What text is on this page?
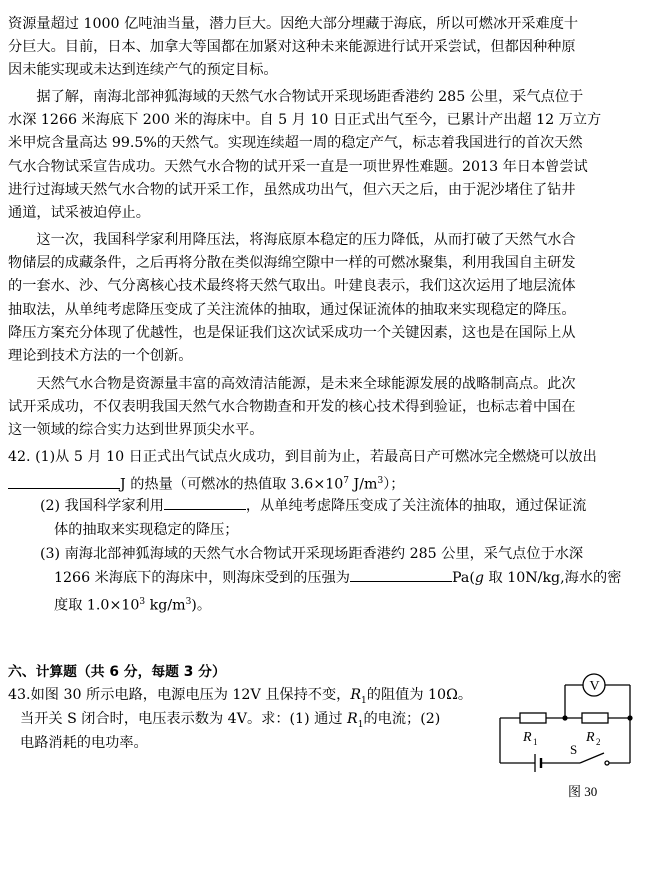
资源量超过 1000 亿吨油当量，潜力巨大。因绝大部分埋藏于海底，所以可燃冰开采难度十
分巨大。目前，日本、加拿大等国都在加紧对这种未来能源进行试开采尝试，但都因种种原
因未能实现或未达到连续产气的预定目标。
　　据了解，南海北部神狐海域的天然气水合物试开采现场距香港约 285 公里，采气点位于
水深 1266 米海底下 200 米的海床中。自 5 月 10 日正式出气至今，已累计产出超 12 万立方
米甲烷含量高达 99.5%的天然气。实现连续超一周的稳定产气，标志着我国进行的首次天然
气水合物试采宣告成功。天然气水合物的试开采一直是一项世界性难题。2013 年日本曾尝试
进行过海域天然气水合物的试开采工作，虽然成功出气，但六天之后，由于泥沙堵住了钻井
通道，试采被迫停止。
　　这一次，我国科学家利用降压法，将海底原本稳定的压力降低，从而打破了天然气水合
物储层的成藏条件，之后再将分散在类似海绵空隙中一样的可燃冰聚集，利用我国自主研发
的一套水、沙、气分离核心技术最终将天然气取出。叶建良表示，我们这次运用了地层流体
抽取法，从单纯考虑降压变成了关注流体的抽取，通过保证流体的抽取来实现稳定的降压。
降压方案充分体现了优越性，也是保证我们这次试采成功一个关键因素，这也是在国际上从
理论到技术方法的一个创新。
　　天然气水合物是资源量丰富的高效清洁能源，是未来全球能源发展的战略制高点。此次
试开采成功，不仅表明我国天然气水合物勘查和开发的核心技术得到验证，也标志着中国在
这一领域的综合实力达到世界顶尖水平。
42. (1)从 5 月 10 日正式出气试点火成功，到目前为止，若最高日产可燃冰完全燃烧可以放出
J 的热量（可燃冰的热值取 $3.6\times 10^7$ $J/m^3$）；
(2) 我国科学家利用	，从单纯考虑降压变成了关注流体的抽取，通过保证流
体的抽取来实现稳定的降压；
(3) 南海北部神狐海域的天然气水合物试开采现场距香港约 285 公里，采气点位于水深
1266 米海底下的海床中，则海床受到的压强为	Pa(g 取 10N/kg,海水的密
度取 $1.0\times 10^3$ $kg/m^3$)。
六、计算题（共 6 分，每题 3 分）
43.如图 30 所示电路，电源电压为 12V 且保持不变，$R_1$的阻值为 10Ω。
当开关 S 闭合时，电压表示数为 4V。求：(1) 通过 $R_1$的电流；(2)
电路消耗的电功率。
V
R 1	R 2
S
图 30
